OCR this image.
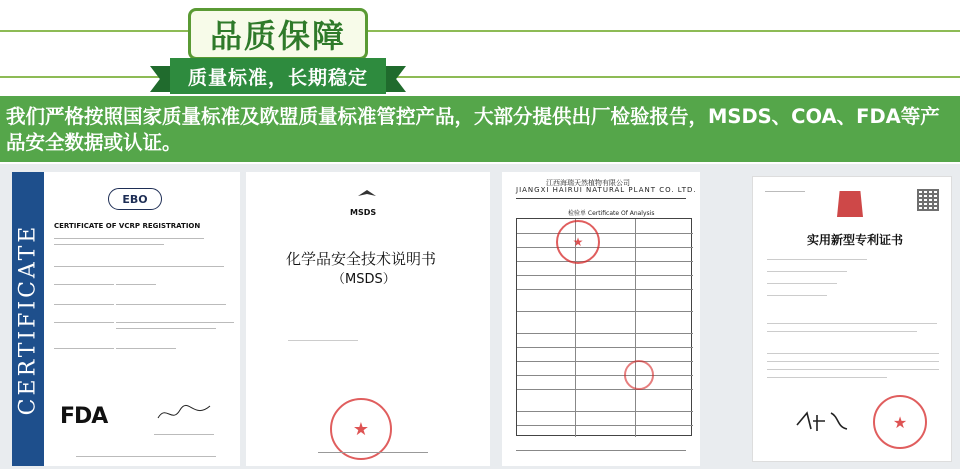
品质保障
质量标准，长期稳定

我们严格按照国家质量标准及欧盟质量标准管控产品，大部分提供出厂检验报告，MSDS、COA、FDA等产品安全数据或认证。

CERTIFICATE
EBO
CERTIFICATE OF VCRP REGISTRATION
FDA
MSDS
化学品安全技术说明书
（MSDS）
★
江西海瑞天然植物有限公司
JIANGXI HAIRUI NATURAL PLANT CO. LTD.
检验单 Certificate Of Analysis
★	实用新型专利证书
★
